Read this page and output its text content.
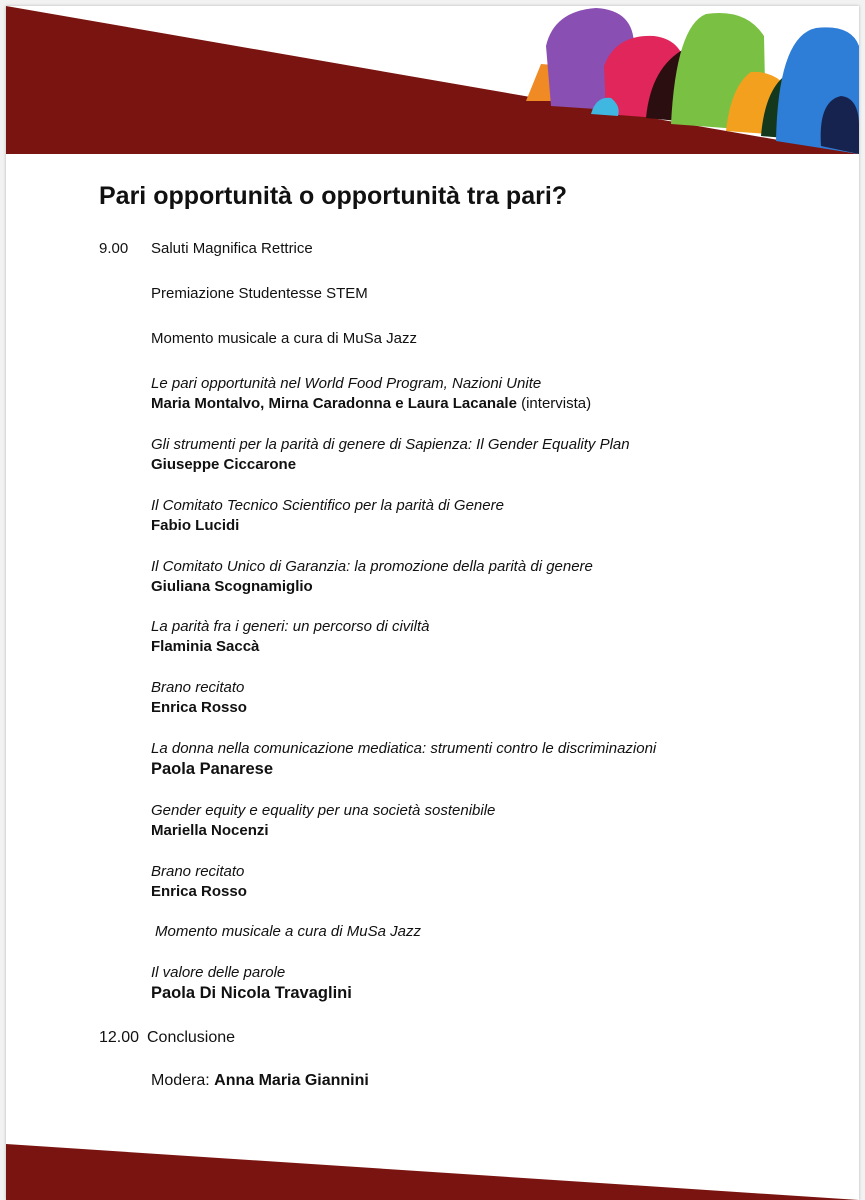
Pari opportunità o opportunità tra pari?
9.00 Saluti Magnifica Rettrice
Premiazione Studentesse STEM
Momento musicale a cura di MuSa Jazz
Le pari opportunità nel World Food Program, Nazioni Unite
Maria Montalvo, Mirna Caradonna e Laura Lacanale (intervista)
Gli strumenti per la parità di genere di Sapienza: Il Gender Equality Plan
Giuseppe Ciccarone
Il Comitato Tecnico Scientifico per la parità di Genere
Fabio Lucidi
Il Comitato Unico di Garanzia: la promozione della parità di genere
Giuliana Scognamiglio
La parità fra i generi: un percorso di civiltà
Flaminia Saccà
Brano recitato
Enrica Rosso
La donna nella comunicazione mediatica: strumenti contro le discriminazioni
Paola Panarese
Gender equity e equality per una società sostenibile
Mariella Nocenzi
Brano recitato
Enrica Rosso
Momento musicale a cura di MuSa Jazz
Il valore delle parole
Paola Di Nicola Travaglini
12.00 Conclusione
Modera: Anna Maria Giannini
